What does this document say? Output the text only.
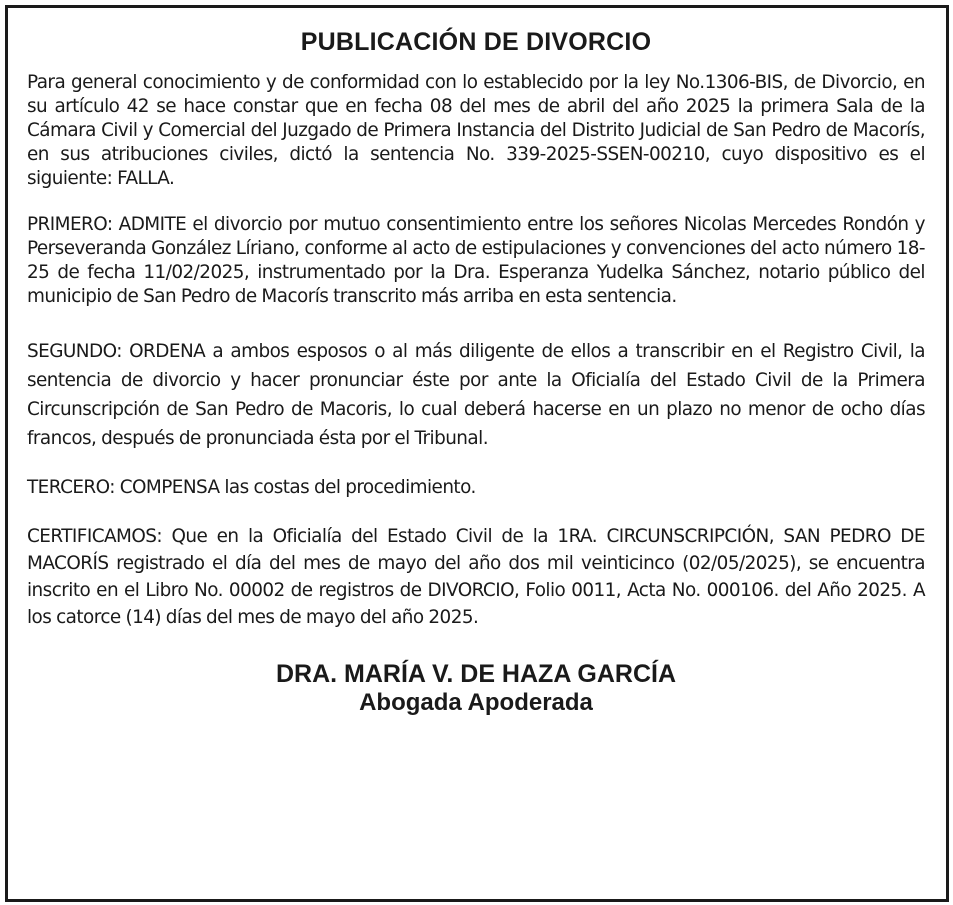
PUBLICACIÓN DE DIVORCIO

Para general conocimiento y de conformidad con lo establecido por la ley No.1306-BIS, de Divorcio, en su artículo 42 se hace constar que en fecha 08 del mes de abril del año 2025 la primera Sala de la Cámara Civil y Comercial del Juzgado de Primera Instancia del Distrito Judicial de San Pedro de Macorís, en sus atribuciones civiles, dictó la sentencia No. 339-2025-SSEN-00210, cuyo dispositivo es el siguiente: FALLA.

PRIMERO: ADMITE el divorcio por mutuo consentimiento entre los señores Nicolas Mercedes Rondón y Perseveranda González Líriano, conforme al acto de estipulaciones y convenciones del acto número 18-25 de fecha 11/02/2025, instrumentado por la Dra. Esperanza Yudelka Sánchez, notario público del municipio de San Pedro de Macorís transcrito más arriba en esta sentencia.

SEGUNDO: ORDENA a ambos esposos o al más diligente de ellos a transcribir en el Registro Civil, la sentencia de divorcio y hacer pronunciar éste por ante la Oficialía del Estado Civil de la Primera Circunscripción de San Pedro de Macoris, lo cual deberá hacerse en un plazo no menor de ocho días francos, después de pronunciada ésta por el Tribunal.

TERCERO: COMPENSA las costas del procedimiento.

CERTIFICAMOS: Que en la Oficialía del Estado Civil de la 1RA. CIRCUNSCRIPCIÓN, SAN PEDRO DE MACORÍS registrado el día del mes de mayo del año dos mil veinticinco (02/05/2025), se encuentra inscrito en el Libro No. 00002 de registros de DIVORCIO, Folio 0011, Acta No. 000106. del Año 2025. A los catorce (14) días del mes de mayo del año 2025.

DRA. MARÍA V. DE HAZA GARCÍA

Abogada Apoderada
